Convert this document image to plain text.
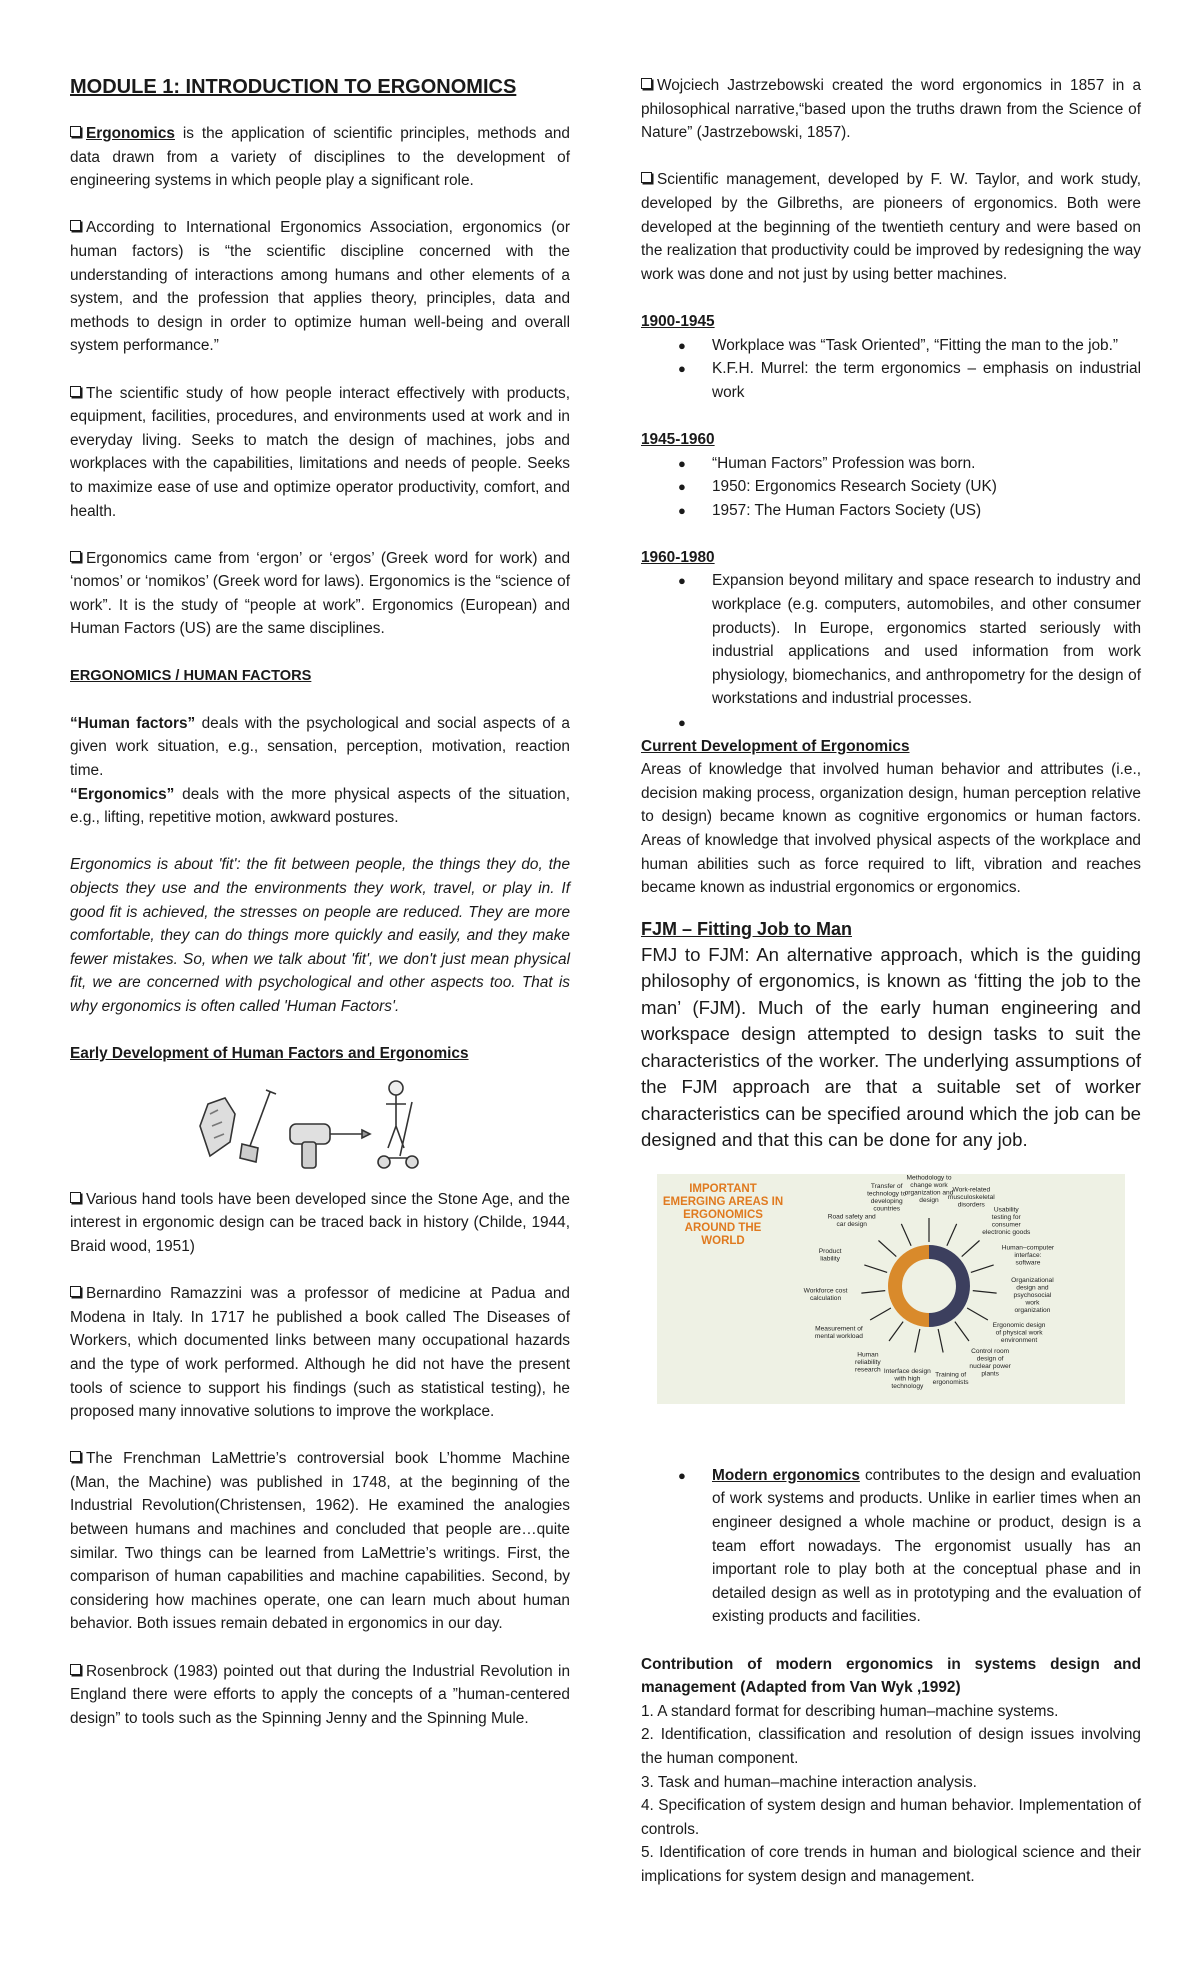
MODULE 1: INTRODUCTION TO ERGONOMICS

Ergonomics is the application of scientific principles, methods and data drawn from a variety of disciplines to the development of engineering systems in which people play a significant role.

According to International Ergonomics Association, ergonomics (or human factors) is “the scientific discipline concerned with the understanding of interactions among humans and other elements of a system, and the profession that applies theory, principles, data and methods to design in order to optimize human well-being and overall system performance.”

The scientific study of how people interact effectively with products, equipment, facilities, procedures, and environments used at work and in everyday living. Seeks to match the design of machines, jobs and workplaces with the capabilities, limitations and needs of people. Seeks to maximize ease of use and optimize operator productivity, comfort, and health.

Ergonomics came from ‘ergon’ or ‘ergos’ (Greek word for work) and ‘nomos’ or ‘nomikos’ (Greek word for laws). Ergonomics is the “science of work”. It is the study of “people at work”. Ergonomics (European) and Human Factors (US) are the same disciplines.

ERGONOMICS / HUMAN FACTORS

“Human factors” deals with the psychological and social aspects of a given work situation, e.g., sensation, perception, motivation, reaction time.

“Ergonomics” deals with the more physical aspects of the situation, e.g., lifting, repetitive motion, awkward postures.

Ergonomics is about 'fit': the fit between people, the things they do, the objects they use and the environments they work, travel, or play in. If good fit is achieved, the stresses on people are reduced. They are more comfortable, they can do things more quickly and easily, and they make fewer mistakes. So, when we talk about 'fit', we don't just mean physical fit, we are concerned with psychological and other aspects too. That is why ergonomics is often called 'Human Factors'.

Early Development of Human Factors and Ergonomics

Various hand tools have been developed since the Stone Age, and the interest in ergonomic design can be traced back in history (Childe, 1944, Braid wood, 1951)

Bernardino Ramazzini was a professor of medicine at Padua and Modena in Italy. In 1717 he published a book called The Diseases of Workers, which documented links between many occupational hazards and the type of work performed. Although he did not have the present tools of science to support his findings (such as statistical testing), he proposed many innovative solutions to improve the workplace.

The Frenchman LaMettrie’s controversial book L’homme Machine (Man, the Machine) was published in 1748, at the beginning of the Industrial Revolution(Christensen, 1962). He examined the analogies between humans and machines and concluded that people are…quite similar. Two things can be learned from LaMettrie’s writings. First, the comparison of human capabilities and machine capabilities. Second, by considering how machines operate, one can learn much about human behavior. Both issues remain debated in ergonomics in our day.

Rosenbrock (1983) pointed out that during the Industrial Revolution in England there were efforts to apply the concepts of a ”human-centered design” to tools such as the Spinning Jenny and the Spinning Mule.

Wojciech Jastrzebowski created the word ergonomics in 1857 in a philosophical narrative,“based upon the truths drawn from the Science of Nature” (Jastrzebowski, 1857).

Scientific management, developed by F. W. Taylor, and work study, developed by the Gilbreths, are pioneers of ergonomics. Both were developed at the beginning of the twentieth century and were based on the realization that productivity could be improved by redesigning the way work was done and not just by using better machines.

1900-1945

● Workplace was “Task Oriented”, “Fitting the man to the job.”
● K.F.H. Murrel: the term ergonomics – emphasis on industrial work

1945-1960

● “Human Factors” Profession was born.
● 1950: Ergonomics Research Society (UK)
● 1957: The Human Factors Society (US)

1960-1980

● Expansion beyond military and space research to industry and workplace (e.g. computers, automobiles, and other consumer products). In Europe, ergonomics started seriously with industrial applications and used information from work physiology, biomechanics, and anthropometry for the design of workstations and industrial processes.
●

Current Development of Ergonomics

Areas of knowledge that involved human behavior and attributes (i.e., decision making process, organization design, human perception relative to design) became known as cognitive ergonomics or human factors. Areas of knowledge that involved physical aspects of the workplace and human abilities such as force required to lift, vibration and reaches became known as industrial ergonomics or ergonomics.

FJM – Fitting Job to Man

FMJ to FJM: An alternative approach, which is the guiding philosophy of ergonomics, is known as ‘fitting the job to the man’ (FJM). Much of the early human engineering and workspace design attempted to design tasks to suit the characteristics of the worker. The underlying assumptions of the FJM approach are that a suitable set of worker characteristics can be specified around which the job can be designed and that this can be done for any job.

IMPORTANT
EMERGING AREAS IN
ERGONOMICS
AROUND THE
WORLD
Methodology to change work organization and design
Work-related musculoskeletal disorders
Usability testing for consumer electronic goods
Human–computer interface: software
Organizational design and psychosocial work organization
Ergonomic design of physical work environment
Control room design of nuclear power plants
Training of ergonomists
Interface design with high technology
Human reliability research
Measurement of mental workload
Workforce cost calculation
Product liability
Road safety and car design
Transfer of technology to developing countries
● Modern ergonomics contributes to the design and evaluation of work systems and products. Unlike in earlier times when an engineer designed a whole machine or product, design is a team effort nowadays. The ergonomist usually has an important role to play both at the conceptual phase and in detailed design as well as in prototyping and the evaluation of existing products and facilities.

Contribution of modern ergonomics in systems design and management (Adapted from Van Wyk ,1992)

1. A standard format for describing human–machine systems.

2. Identification, classification and resolution of design issues involving the human component.

3. Task and human–machine interaction analysis.

4. Specification of system design and human behavior. Implementation of controls.

5. Identification of core trends in human and biological science and their implications for system design and management.
